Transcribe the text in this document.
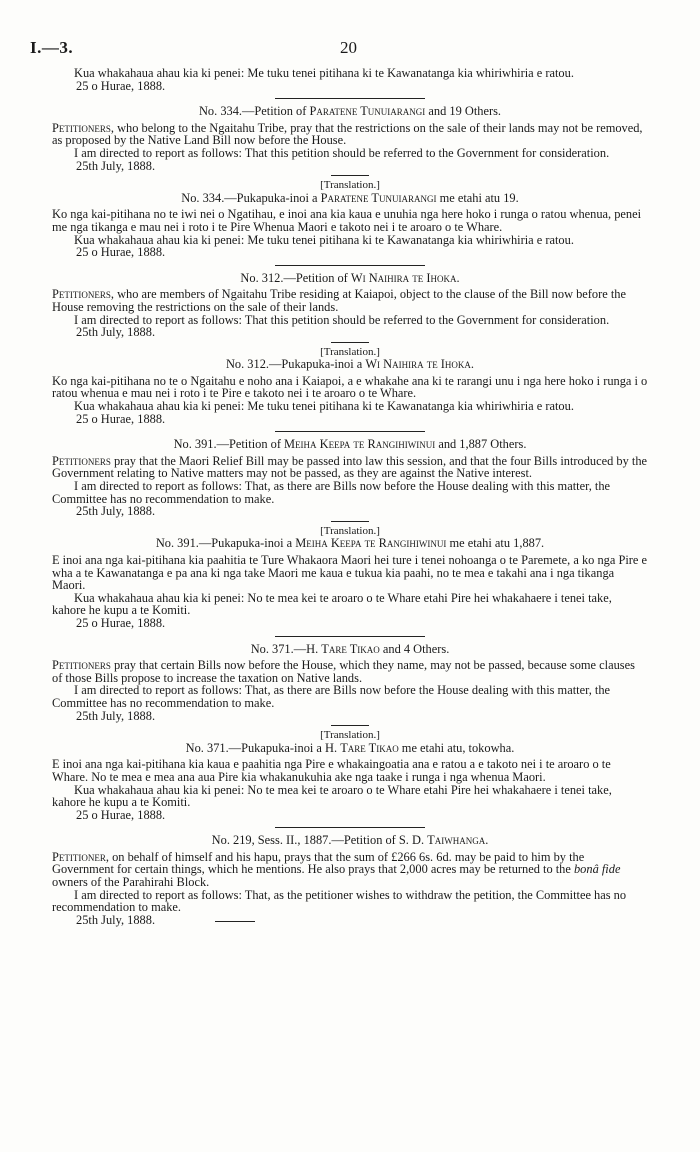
I.—3.	20

Kua whakahaua ahau kia ki penei: Me tuku tenei pitihana ki te Kawanatanga kia whiriwhiria e ratou.

25 o Hurae, 1888.

No. 334.—Petition of Paratene Tunuiarangi and 19 Others.

Petitioners, who belong to the Ngaitahu Tribe, pray that the restrictions on the sale of their lands may not be removed, as proposed by the Native Land Bill now before the House.

I am directed to report as follows: That this petition should be referred to the Government for consideration.

25th July, 1888.

[Translation.]

No. 334.—Pukapuka-inoi a Paratene Tunuiarangi me etahi atu 19.

Ko nga kai-pitihana no te iwi nei o Ngatihau, e inoi ana kia kaua e unuhia nga here hoko i runga o ratou whenua, penei me nga tikanga e mau nei i roto i te Pire Whenua Maori e takoto nei i te aroaro o te Whare.

Kua whakahaua ahau kia ki penei: Me tuku tenei pitihana ki te Kawanatanga kia whiriwhiria e ratou.

25 o Hurae, 1888.

No. 312.—Petition of Wi Naihira te Ihoka.

Petitioners, who are members of Ngaitahu Tribe residing at Kaiapoi, object to the clause of the Bill now before the House removing the restrictions on the sale of their lands.

I am directed to report as follows: That this petition should be referred to the Government for consideration.

25th July, 1888.

[Translation.]

No. 312.—Pukapuka-inoi a Wi Naihira te Ihoka.

Ko nga kai-pitihana no te o Ngaitahu e noho ana i Kaiapoi, a e whakahe ana ki te rarangi unu i nga here hoko i runga i o ratou whenua e mau nei i roto i te Pire e takoto nei i te aroaro o te Whare.

Kua whakahaua ahau kia ki penei: Me tuku tenei pitihana ki te Kawanatanga kia whiriwhiria e ratou.

25 o Hurae, 1888.

No. 391.—Petition of Meiha Keepa te Rangihiwinui and 1,887 Others.

Petitioners pray that the Maori Relief Bill may be passed into law this session, and that the four Bills introduced by the Government relating to Native matters may not be passed, as they are against the Native interest.

I am directed to report as follows: That, as there are Bills now before the House dealing with this matter, the Committee has no recommendation to make.

25th July, 1888.

[Translation.]

No. 391.—Pukapuka-inoi a Meiha Keepa te Rangihiwinui me etahi atu 1,887.

E inoi ana nga kai-pitihana kia paahitia te Ture Whakaora Maori hei ture i tenei nohoanga o te Paremete, a ko nga Pire e wha a te Kawanatanga e pa ana ki nga take Maori me kaua e tukua kia paahi, no te mea e takahi ana i nga tikanga Maori.

Kua whakahaua ahau kia ki penei: No te mea kei te aroaro o te Whare etahi Pire hei whakahaere i tenei take, kahore he kupu a te Komiti.

25 o Hurae, 1888.

No. 371.—H. Tare Tikao and 4 Others.

Petitioners pray that certain Bills now before the House, which they name, may not be passed, because some clauses of those Bills propose to increase the taxation on Native lands.

I am directed to report as follows: That, as there are Bills now before the House dealing with this matter, the Committee has no recommendation to make.

25th July, 1888.

[Translation.]

No. 371.—Pukapuka-inoi a H. Tare Tikao me etahi atu, tokowha.

E inoi ana nga kai-pitihana kia kaua e paahitia nga Pire e whakaingoatia ana e ratou a e takoto nei i te aroaro o te Whare. No te mea e mea ana aua Pire kia whakanukuhia ake nga taake i runga i nga whenua Maori.

Kua whakahaua ahau kia ki penei: No te mea kei te aroaro o te Whare etahi Pire hei whakahaere i tenei take, kahore he kupu a te Komiti.

25 o Hurae, 1888.

No. 219, Sess. II., 1887.—Petition of S. D. Taiwhanga.

Petitioner, on behalf of himself and his hapu, prays that the sum of £266 6s. 6d. may be paid to him by the Government for certain things, which he mentions. He also prays that 2,000 acres may be returned to the bonâ fide owners of the Parahirahi Block.

I am directed to report as follows: That, as the petitioner wishes to withdraw the petition, the Committee has no recommendation to make.

25th July, 1888.
